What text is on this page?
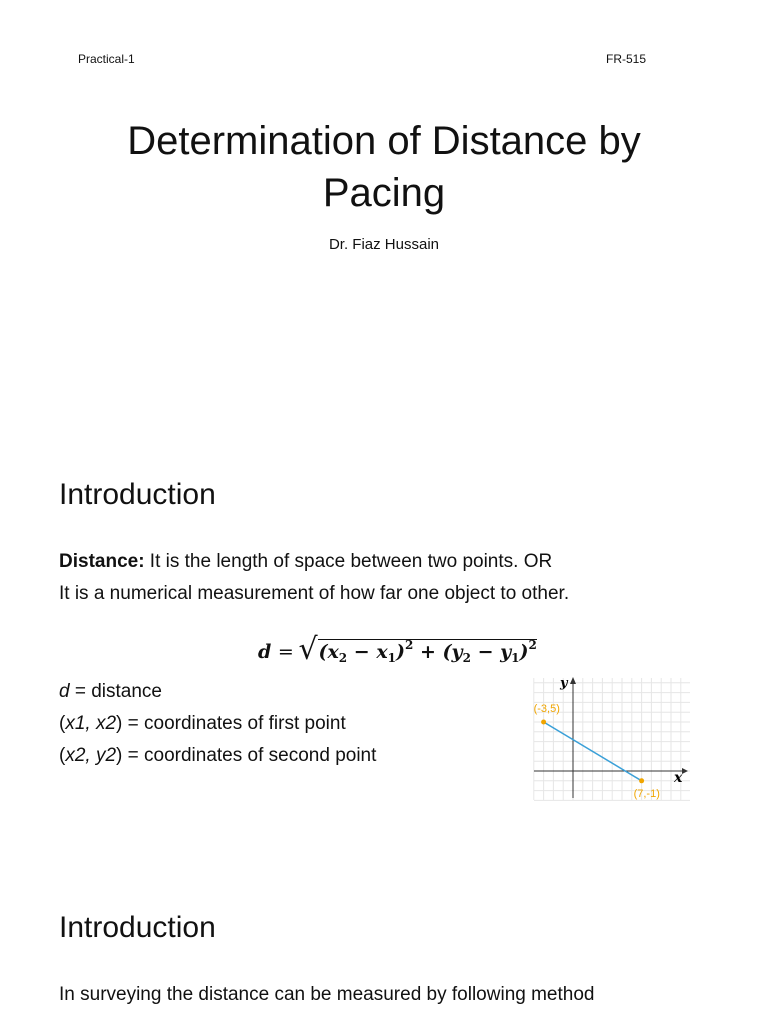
Practical-1	FR-515
Determination of Distance by
Pacing
Dr. Fiaz Hussain
Introduction
Distance: It is the length of space between two points. OR
It is a numerical measurement of how far one object to other.
d = √ $(x_2 - x_1)^2 + (y_2 - y_1)^2$
d = distance
(x1, x2) = coordinates of first point
(x2, y2) = coordinates of second point
y
x
(-3,5)
(7,-1)
Introduction
In surveying the distance can be measured by following method
